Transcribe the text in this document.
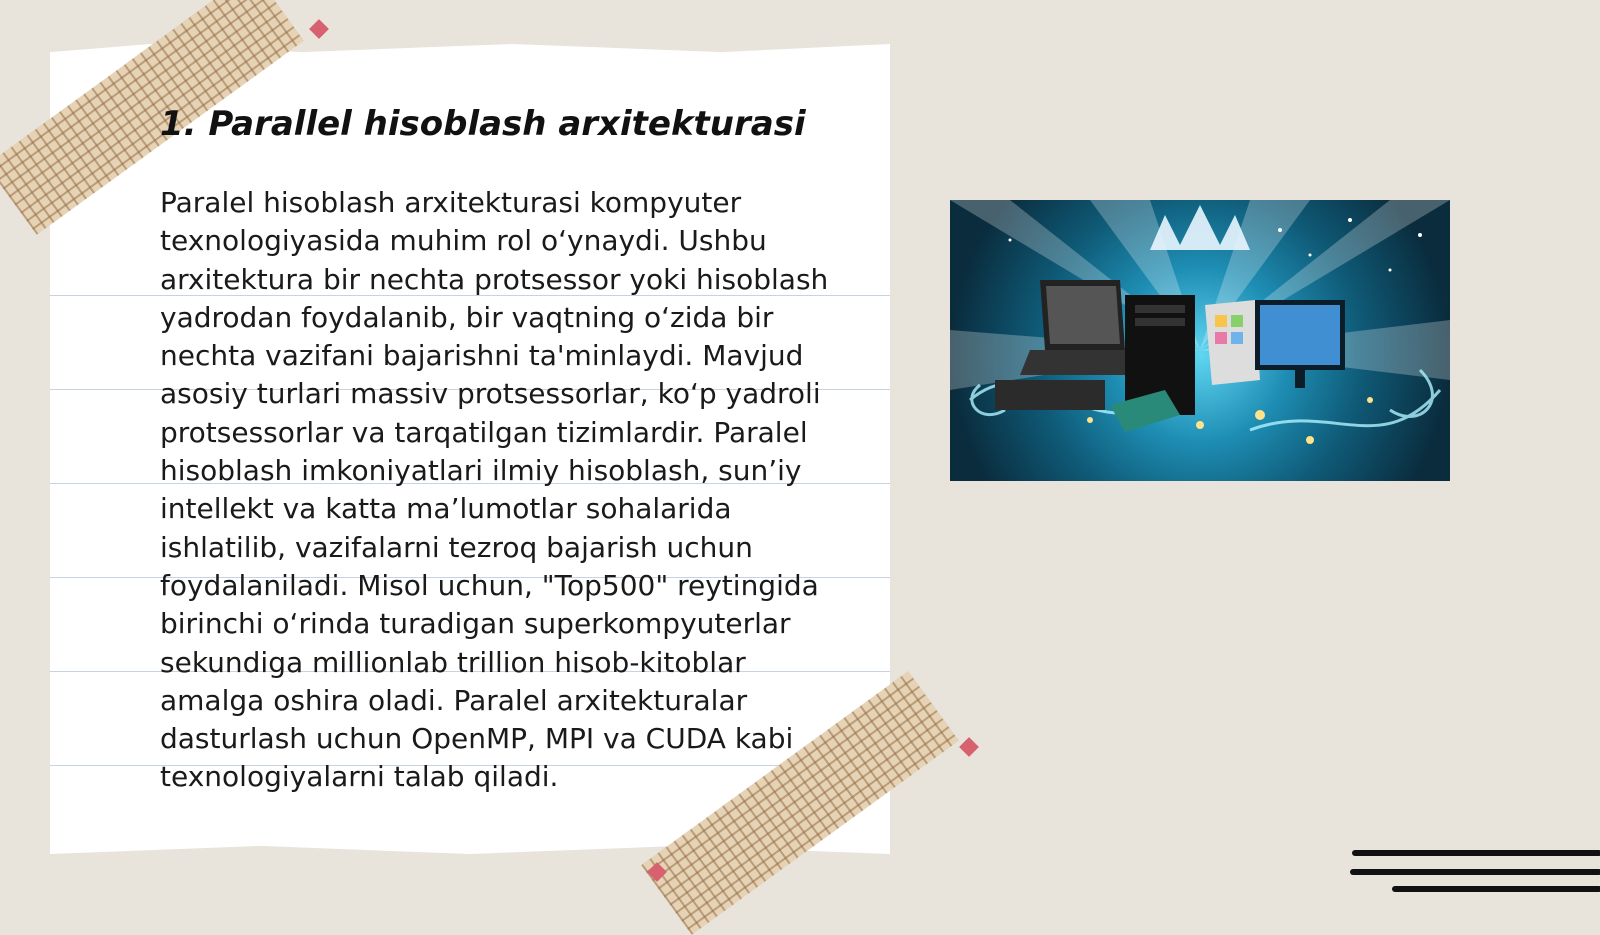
1. Parallel hisoblash arxitekturasi

Paralel hisoblash arxitekturasi kompyuter texnologiyasida muhim rol o‘ynaydi. Ushbu arxitektura bir nechta protsessor yoki hisoblash yadrodan foydalanib, bir vaqtning o‘zida bir nechta vazifani bajarishni ta'minlaydi. Mavjud asosiy turlari massiv protsessorlar, ko‘p yadroli protsessorlar va tarqatilgan tizimlardir. Paralel hisoblash imkoniyatlari ilmiy hisoblash, sun’iy intellekt va katta ma’lumotlar sohalarida ishlatilib, vazifalarni tezroq bajarish uchun foydalaniladi. Misol uchun, "Top500" reytingida birinchi o‘rinda turadigan superkompyuterlar sekundiga millionlab trillion hisob-kitoblar amalga oshira oladi. Paralel arxitekturalar dasturlash uchun OpenMP, MPI va CUDA kabi texnologiyalarni talab qiladi.
